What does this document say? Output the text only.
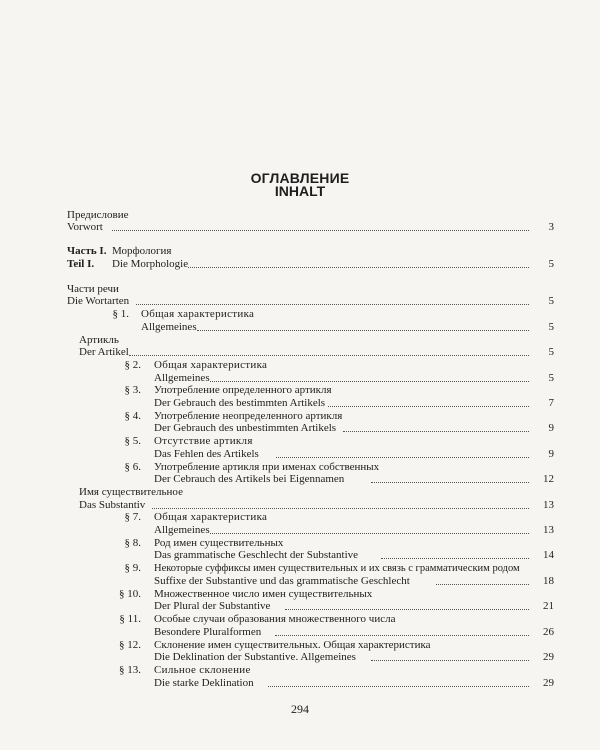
ОГЛАВЛЕНИЕ
INHALT
Предисловие
Vorwort	3
Часть I. Морфология
Teil I. Die Morphologie	5
Части речи
Die Wortarten	5
§ 1. Общая характеристика
Allgemeines	5
Артикль
Der Artikel	5
§ 2. Общая характеристика
Allgemeines	5
§ 3. Употребление определенного артикля
Der Gebrauch des bestimmten Artikels	7
§ 4. Употребление неопределенного артикля
Der Gebrauch des unbestimmten Artikels	9
§ 5. Отсутствие артикля
Das Fehlen des Artikels	9
§ 6. Употребление артикля при именах собственных
Der Cebrauch des Artikels bei Eigennamen	12
Имя существительное
Das Substantiv	13
§ 7. Общая характеристика
Allgemeines	13
§ 8. Род имен существительных
Das grammatische Geschlecht der Substantive	14
§ 9. Некоторые суффиксы имен существительных и их связь с грамматическим родом
Suffixe der Substantive und das grammatische Geschlecht	18
§ 10. Множественное число имен существительных
Der Plural der Substantive	21
§ 11. Особые случаи образования множественного числа
Besondere Pluralformen	26
§ 12. Склонение имен существительных. Общая характеристика
Die Deklination der Substantive. Allgemeines	29
§ 13. Сильное склонение
Die starke Deklination	29
294
